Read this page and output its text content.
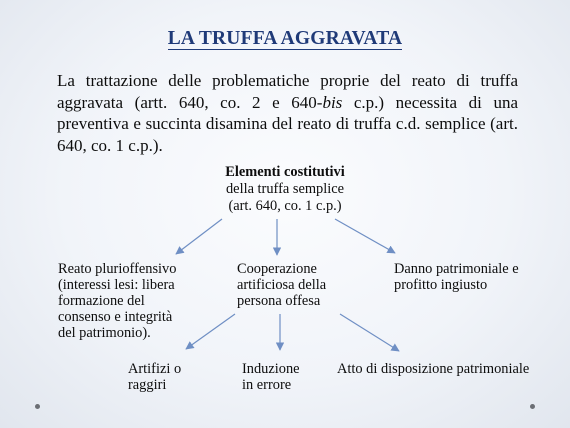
LA TRUFFA AGGRAVATA
La trattazione delle problematiche proprie del reato di truffa aggravata (artt. 640, co. 2 e 640-bis c.p.) necessita di una preventiva e succinta disamina del reato di truffa c.d. semplice (art. 640, co. 1 c.p.).
Elementi costitutivi
della truffa semplice
(art. 640, co. 1 c.p.)
Reato plurioffensivo
(interessi lesi: libera
formazione del
consenso e integrità
del patrimonio).
Cooperazione
artificiosa della
persona offesa
Danno patrimoniale e
profitto ingiusto
Artifizi o
raggiri
Induzione
in errore
Atto di disposizione patrimoniale
